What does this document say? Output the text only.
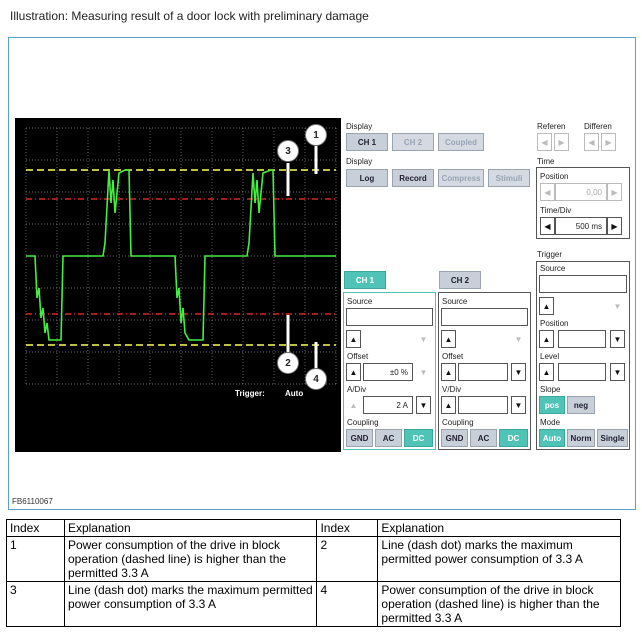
Illustration: Measuring result of a door lock with preliminary damage
FB6110067
Trigger:	Auto
1
3
2
4
Display
CH 1	CH 2	Coupled
Display
Log	Record	Compress	Stimuli
Referen Differen
◀	▶	◀	▶
Time
Position
◀	0,00	▶
Time/Div
◀	500 ms	▶
Trigger
Source
▲	▼
Position
▲	▼
Level
▲	▼
Slope
pos	neg
Mode
Auto	Norm	Single
CH 1
Source
▲	▼
Offset
▲	±0 %	▼
A/Div
▲	2 A	▼
Coupling
GND	AC	DC
CH 2
Source
▲	▼
Offset
▲	▼
V/Div
▲	▼
Coupling
GND	AC	DC
Index	Explanation	Index	Explanation
1	Power consumption of the drive in block operation (dashed line) is higher than the permitted 3.3 A	2	Line (dash dot) marks the maximum permitted power consumption of 3.3 A
3	Line (dash dot) marks the maximum permitted power consumption of 3.3 A	4	Power consumption of the drive in block operation (dashed line) is higher than the permitted 3.3 A
